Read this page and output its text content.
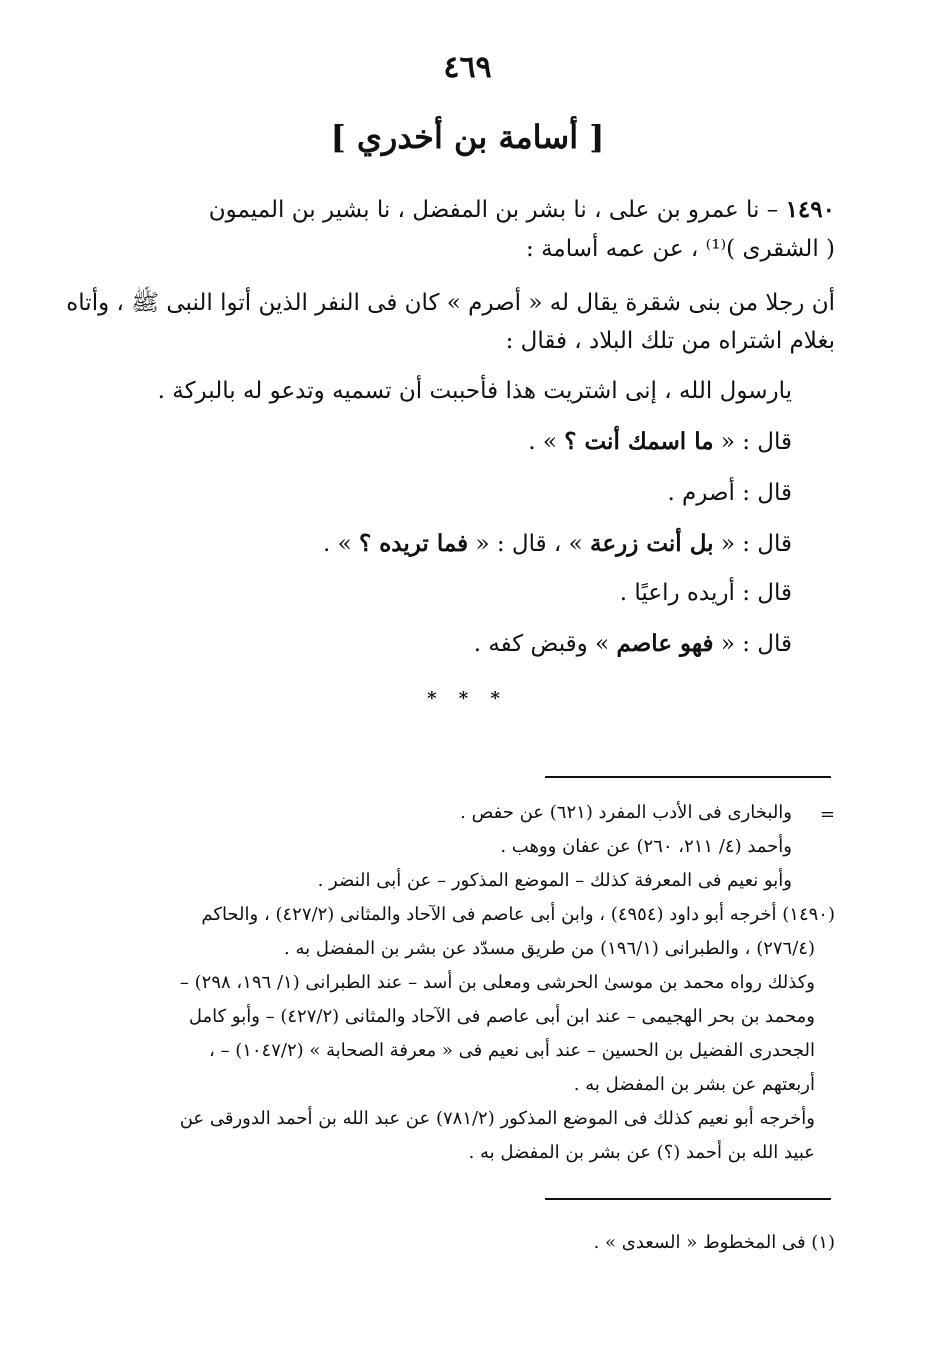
٤٦٩
[ أسامة بن أخدري ]
١٤٩٠ – نا عمرو بن على ، نا بشر بن المفضل ، نا بشير بن الميمون
( الشقرى )⁽¹⁾ ، عن عمه أسامة :
أن رجلا من بنى شقرة يقال له « أصرم » كان فى النفر الذين أتوا النبى ﷺ ، وأتاه
بغلام اشتراه من تلك البلاد ، فقال :
يارسول الله ، إنى اشتريت هذا فأحببت أن تسميه وتدعو له بالبركة .
قال : « ما اسمك أنت ؟ » .
قال : أصرم .
قال : « بل أنت زرعة » ، قال : « فما تريده ؟ » .
قال : أريده راعيًا .
قال : « فهو عاصم » وقبض كفه .
* * *
=
والبخارى فى الأدب المفرد (٦٢١) عن حفص .
وأحمد (٤/ ٢١١، ٢٦٠) عن عفان ووهب .
وأبو نعيم فى المعرفة كذلك – الموضع المذكور – عن أبى النضر .
(١٤٩٠) أخرجه أبو داود (٤٩٥٤) ، وابن أبى عاصم فى الآحاد والمثانى (٤٢٧/٢) ، والحاكم
(٢٧٦/٤) ، والطبرانى (١٩٦/١) من طريق مسدّد عن بشر بن المفضل به .
وكذلك رواه محمد بن موسىٰ الحرشى ومعلى بن أسد – عند الطبرانى (١/ ١٩٦، ٢٩٨) –
ومحمد بن بحر الهجيمى – عند ابن أبى عاصم فى الآحاد والمثانى (٤٢٧/٢) – وأبو كامل
الجحدرى الفضيل بن الحسين – عند أبى نعيم فى « معرفة الصحابة » (١٠٤٧/٢) – ،
أربعتهم عن بشر بن المفضل به .
وأخرجه أبو نعيم كذلك فى الموضع المذكور (٧٨١/٢) عن عبد الله بن أحمد الدورقى عن
عبيد الله بن أحمد (؟) عن بشر بن المفضل به .
(١) فى المخطوط « السعدى » .
